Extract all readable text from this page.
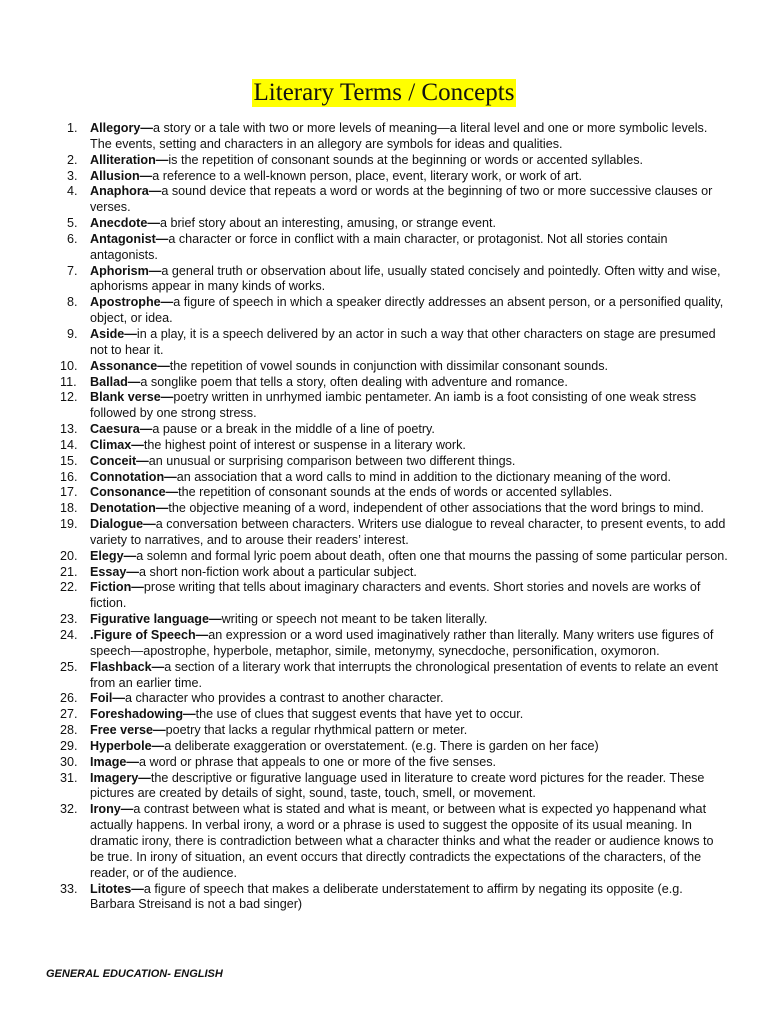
Literary Terms / Concepts
1. Allegory—a story or a tale with two or more levels of meaning—a literal level and one or more symbolic levels. The events, setting and characters in an allegory are symbols for ideas and qualities.
2. Alliteration—is the repetition of consonant sounds at the beginning or words or accented syllables.
3. Allusion—a reference to a well-known person, place, event, literary work, or work of art.
4. Anaphora—a sound device that repeats a word or words at the beginning of two or more successive clauses or verses.
5. Anecdote—a brief story about an interesting, amusing, or strange event.
6. Antagonist—a character or force in conflict with a main character, or protagonist. Not all stories contain antagonists.
7. Aphorism—a general truth or observation about life, usually stated concisely and pointedly. Often witty and wise, aphorisms appear in many kinds of works.
8. Apostrophe—a figure of speech in which a speaker directly addresses an absent person, or a personified quality, object, or idea.
9. Aside—in a play, it is a speech delivered by an actor in such a way that other characters on stage are presumed not to hear it.
10. Assonance—the repetition of vowel sounds in conjunction with dissimilar consonant sounds.
11. Ballad—a songlike poem that tells a story, often dealing with adventure and romance.
12. Blank verse—poetry written in unrhymed iambic pentameter. An iamb is a foot consisting of one weak stress followed by one strong stress.
13. Caesura—a pause or a break in the middle of a line of poetry.
14. Climax—the highest point of interest or suspense in a literary work.
15. Conceit—an unusual or surprising comparison between two different things.
16. Connotation—an association that a word calls to mind in addition to the dictionary meaning of the word.
17. Consonance—the repetition of consonant sounds at the ends of words or accented syllables.
18. Denotation—the objective meaning of a word, independent of other associations that the word brings to mind.
19. Dialogue—a conversation between characters. Writers use dialogue to reveal character, to present events, to add variety to narratives, and to arouse their readers’ interest.
20. Elegy—a solemn and formal lyric poem about death, often one that mourns the passing of some particular person.
21. Essay—a short non-fiction work about a particular subject.
22. Fiction—prose writing that tells about imaginary characters and events. Short stories and novels are works of fiction.
23. Figurative language—writing or speech not meant to be taken literally.
24. .Figure of Speech—an expression or a word used imaginatively rather than literally. Many writers use figures of speech—apostrophe, hyperbole, metaphor, simile, metonymy, synecdoche, personification, oxymoron.
25. Flashback—a section of a literary work that interrupts the chronological presentation of events to relate an event from an earlier time.
26. Foil—a character who provides a contrast to another character.
27. Foreshadowing—the use of clues that suggest events that have yet to occur.
28. Free verse—poetry that lacks a regular rhythmical pattern or meter.
29. Hyperbole—a deliberate exaggeration or overstatement. (e.g. There is garden on her face)
30. Image—a word or phrase that appeals to one or more of the five senses.
31. Imagery—the descriptive or figurative language used in literature to create word pictures for the reader. These pictures are created by details of sight, sound, taste, touch, smell, or movement.
32. Irony—a contrast between what is stated and what is meant, or between what is expected yo happenand what actually happens. In verbal irony, a word or a phrase is used to suggest the opposite of its usual meaning. In dramatic irony, there is contradiction between what a character thinks and what the reader or audience knows to be true. In irony of situation, an event occurs that directly contradicts the expectations of the characters, of the reader, or of the audience.
33. Litotes—a figure of speech that makes a deliberate understatement to affirm by negating its opposite (e.g. Barbara Streisand is not a bad singer)
GENERAL EDUCATION- ENGLISH
